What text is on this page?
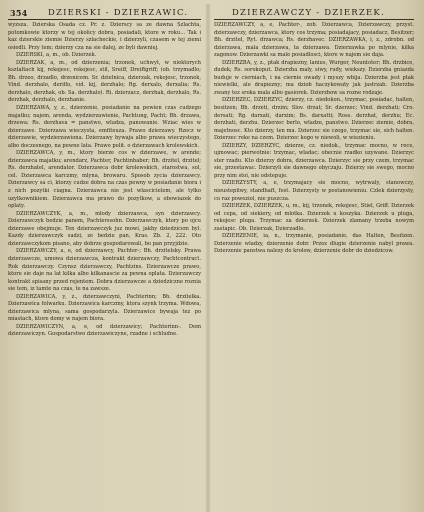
354 DZIERSKI - DZIERZAWIC.	DZIERZAWCZY - DZIERZEK.

wyzsza. Dzierska Osada cz. Pr. z. Dzierscy sa ze dawna Szlachta, potomkowie ktorzy w tej okolicy dobra, posiadali, ktore w roku... Tak i kaz dzierskie ziemie Dzierzy szlacheckie, i dzierzyli, czasem w tej ziemi osiedli. Przy tem; dzierzy cza na sie dalej, ze byli dawniej.

DZIERSKI, a, m., ob. Dzierzek.

DZIERZAK, a, m., od dzierzenia; trzonek, uchwyt, w niektorych ksztaltach kij, rekojesc, rekojesc, stil, Sreiff, Dreiftgriff; (ob. trzymadlo; Bh. drzeo, drzadlo, drzenicem. Sr. dzielnica, dzierzak, rekojesc, trzonek, Vind. derzhalo, deriflo, vid. kij, derzhalo; Rg. derxalo, derxalia; Rs. derzhalo, derzhak, ob. Sa. derzhalo). Ri. dzierzacz, derzhak, derzhalo, Rs. derzhak, derzhalo, derzhanie.

DZIERZAWA, y, z., dzierzenie, posiadanie na pewien czas cudzego majatku; najem, arenda, wydzierzawienie, Pachtung, Pacht; Bh. drzawa, drzewa; Rs. derzhava = panstwo, wladza, panowanie. Wziac wies w dzierzawe. Dzierzawa wieczysta, emfiteuza. Prawo dzierzawy. Rzecz w dzierzawie, wydzierzawiona. Dzierzawy bywaja albo prawa wieczystego, albo doczesnego, na pewne lata. Prawo polit. o dzierzawach krolewskich.

DZIERZAWCA, y, m., ktory bierze cos w dzierzawe, w arende; dzierzawca majatku; arendarz, Pachter, Pachtinhaber; Bh. drzitel, drzitel; Rs. derzhatel, arendator. Dzierzawca dobr krolewskich, starostwa, sol, cel. Dzierzawca karczmy, mlyna, browaru. Sposob zycia dzierzawcy. Dzierzawcy sa ci, ktorzy cudze dobra na czas pewny w posiadanie biora i z nich pozytki ciagna. Dzierzawca nie jest wlascicielem, ale tylko uzytkownikiem. Dzierzawca ma prawo do pozytkow, a obowiazek do oplaty.

DZIERZAWCZYK, a, m., mlody dzierzawca, syn dzierzawcy. Dzierzawczyk bedzie panem, Pachterssohn. Dzierzawczyk, ktory po ojcu dzierzawe obejmuje. Ten dzierzawczyk juz mowi, jakby dziedzicem byl. Kazdy dzierzawczyk sadzi, ze bedzie pan, Kras. Zb. 2, 222. Oto dzierzawczykom pisano, aby dobrze gospodarowali, bo pan przyjdzie.

DZIERZAWCZY, a, e, od dzierzawcy, Pachter-; Bh. drzitelsky. Prawa dzierzawcze, umowa dzierzawcza, kontrakt dzierzawczy, Pachtcontract. Rok dzierzawczy. Czynsz dzierzawczy, Pachtzins. Dzierzawcze prawo, ktore sie daje na lat kilka albo kilkanascie za pewna oplata. Dzierzawczy kontrakt spisany przed rejentem. Dobra dzierzawcze a dziedziczne roznia sie tem, iz tamte na czas, te na zawsze.

DZIERZAWICA, y, z., dzierzawczyni, Pachterinn; Bh. drzitelka. Dzierzawica folwarku. Dzierzawica karczmy, ktora szynk trzyma. Wdowa, dzierzawica mlyna, sama gospodarzyla. Dzierzawice bywaja tez po miastach, ktore domy w najem biora.

DZIERZAWICZYN, a, e, od dzierzawicy; Pachterinn-. Dom dzierzawiczyn. Gospodarstwo dzierzawiczyne, rzadne i schludne.

DZIERZAWCZY, a, e, Pachter-, zob. Dzierzawca, Dzierzawczy, przyst. dzierzawczy, dzierzawca, ktory cos trzyma; posiadajacy, posiadacz, Besitzer; Bh. drzitel, Ryt. drzawca; Rs. derzhavec. DZIERZAWKA, i, z., zdrobn. od dzierzawa, mala dzierzawa, ta dzierzawa. Dzierzawka po mlynie, kilka zagonow. Dzierzawki sa male posiadlosci, ktore w najem sie daja.

DZIERZBA, y, z., ptak drapiezny, lanius, Wurger, Neuntoter; Bh. drzbice, dudek; Rs. sorokoput. Dzierzba maly, siwy, rudy, wiekszy. Dzierzba gniazda buduje w cierniach, i na ciernie owady i myszy wbija. Dzierzba jest ptak niewielki, ale drapiezny; ma dziob haczykowaty jak jastrzab. Dzierzba zwany tez sroka mala albo gasiorek. Dzierzbow sa rozne rodzaje.

DZIERZEC, DZIERZYC, dzierzy, cz. niedokon., trzymac, posiadac, halten, besitzen; Bh. drzeti, drzim; Slov. drzat; Sr. dzerzec; Vind. derzhati; Cro. dersati; Rg. darxati, darxim; Bs. darxatti; Ross. derzhat, derzhu; Ec. derzhati, derzhu. Dzierzec berlo, wladze, panstwo. Dzierzec ziemie, dobra, majetnosc. Kto dzierzy, ten ma. Dzierzec sie czego, trzymac sie, sich halten. Dzierzec reke na czem. Dzierzec kogo w niewoli, w wiezieniu.

DZIERZY, DZIERZYC, dzierze, cz. niedok., trzymac mocno, w rece, ujmowac; pierwotnie: trzymac, wladac; obecnie rzadko uzywane. Dzierzyc ster rzadu. Kto dzierzy dobra, dzierzawca. Dzierzyc sie przy czem, trzymac sie, przestawac. Dzierzyli sie dawnego obyczaju. Dzierzy sie swego, mocno przy nim stoi, nie odstepuje.

DZIERZYSTY, a, e, trzymajacy sie mocno, wytrwaly, stanowczy, nieustepliwy, standhaft, fest. Dzierzysty w postanowieniu. Czlek dzierzysty, co raz poweziol, nie puszcza.

DZIERZEK, DZIERZEK, u, m., kij, trzonek, rekojesc, Stiel, Griff. Dzierzek od cepa, od siekiery, od mlotka. Dzierzek u koszyka. Dzierzek u pluga, rekojesc pluga. Trzymac za dzierzek. Dzierzek zlamany trzeba nowym zastapic. Ob. Dzierzak, Dzierzadlo.

DZIERZENIE, ia, n., trzymanie, posiadanie, das Halten, Besitzen. Dzierzenie wladzy, dzierzenie dobr. Przez dlugie dzierzenie nabyl prawa. Dzierzenie panstwa nalezy do krolow, dzierzenie dobr do dziedzicow.
